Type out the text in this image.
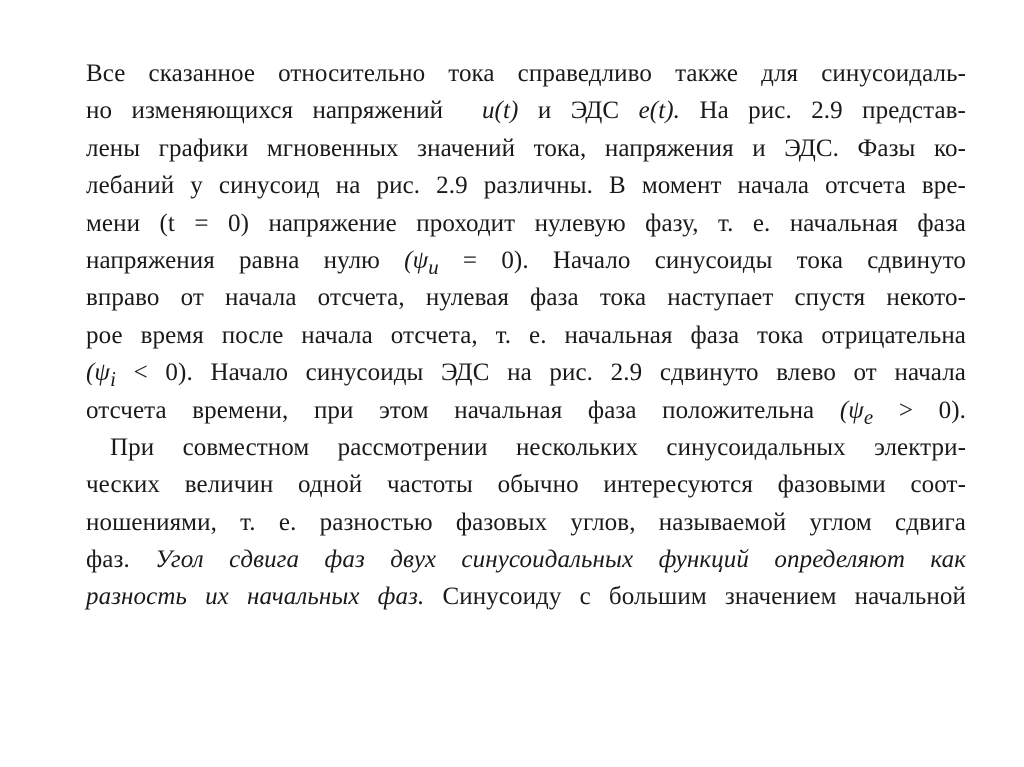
Все сказанное относительно тока справедливо также для синусоидаль-
но изменяющихся напряжений u(t) и ЭДС e(t). На рис. 2.9 представ-
лены графики мгновенных значений тока, напряжения и ЭДС. Фазы ко-
лебаний у синусоид на рис. 2.9 различны. В момент начала отсчета вре-
мени (t = 0) напряжение проходит нулевую фазу, т. е. начальная фаза
напряжения равна нулю $(\psi_u = 0)$. Начало синусоиды тока сдвинуто
вправо от начала отсчета, нулевая фаза тока наступает спустя некото-
рое время после начала отсчета, т. е. начальная фаза тока отрицательна
$(\psi_i < 0)$. Начало синусоиды ЭДС на рис. 2.9 сдвинуто влево от начала
отсчета времени, при этом начальная фаза положительна $(\psi_e > 0)$.
При совместном рассмотрении нескольких синусоидальных электри-
ческих величин одной частоты обычно интересуются фазовыми соот-
ношениями, т. е. разностью фазовых углов, называемой углом сдвига
фаз. Угол сдвига фаз двух синусоидальных функций определяют как
разность их начальных фаз. Синусоиду с большим значением начальной
